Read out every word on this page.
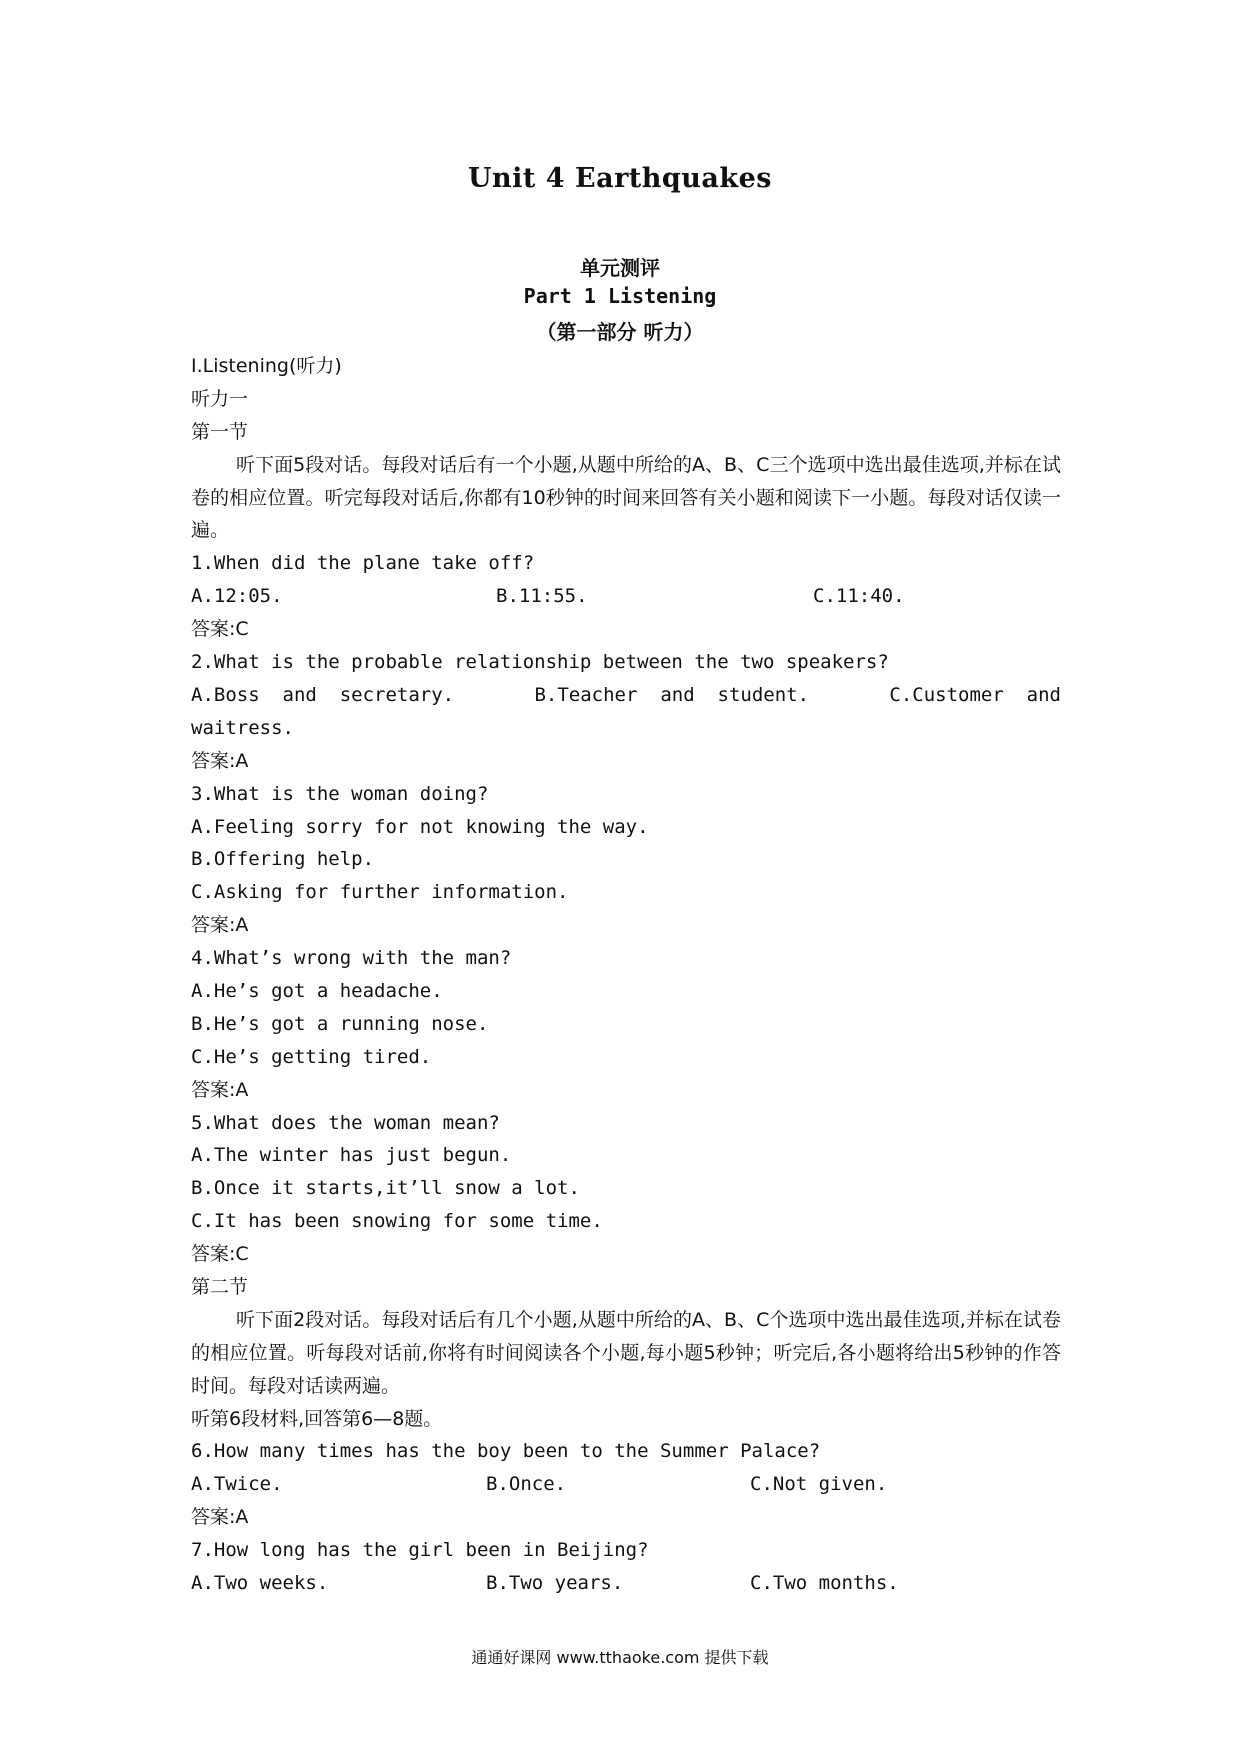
Unit 4 Earthquakes
单元测评
Part 1 Listening
（第一部分 听力）
Ⅰ.Listening(听力)
听力一
第一节

听下面5段对话。每段对话后有一个小题,从题中所给的A、B、C三个选项中选出最佳选项,并标在试卷的相应位置。听完每段对话后,你都有10秒钟的时间来回答有关小题和阅读下一小题。每段对话仅读一遍。

1.When did the plane take off?
A.12:05.	B.11:55.	C.11:40.
答案:C
2.What is the probable relationship between the two speakers?
A.Boss  and  secretary.	B.Teacher  and  student.	C.Customer  and
waitress.
答案:A
3.What is the woman doing?
A.Feeling sorry for not knowing the way.
B.Offering help.
C.Asking for further information.
答案:A
4.What’s wrong with the man?
A.He’s got a headache.
B.He’s got a running nose.
C.He’s getting tired.
答案:A
5.What does the woman mean?
A.The winter has just begun.
B.Once it starts,it’ll snow a lot.
C.It has been snowing for some time.
答案:C
第二节

听下面2段对话。每段对话后有几个小题,从题中所给的A、B、C个选项中选出最佳选项,并标在试卷的相应位置。听每段对话前,你将有时间阅读各个小题,每小题5秒钟；听完后,各小题将给出5秒钟的作答时间。每段对话读两遍。

听第6段材料,回答第6—8题。
6.How many times has the boy been to the Summer Palace?
A.Twice.	B.Once.	C.Not given.
答案:A
7.How long has the girl been in Beijing?
A.Two weeks.	B.Two years.	C.Two months.
通通好课网 www.tthaoke.com 提供下载
